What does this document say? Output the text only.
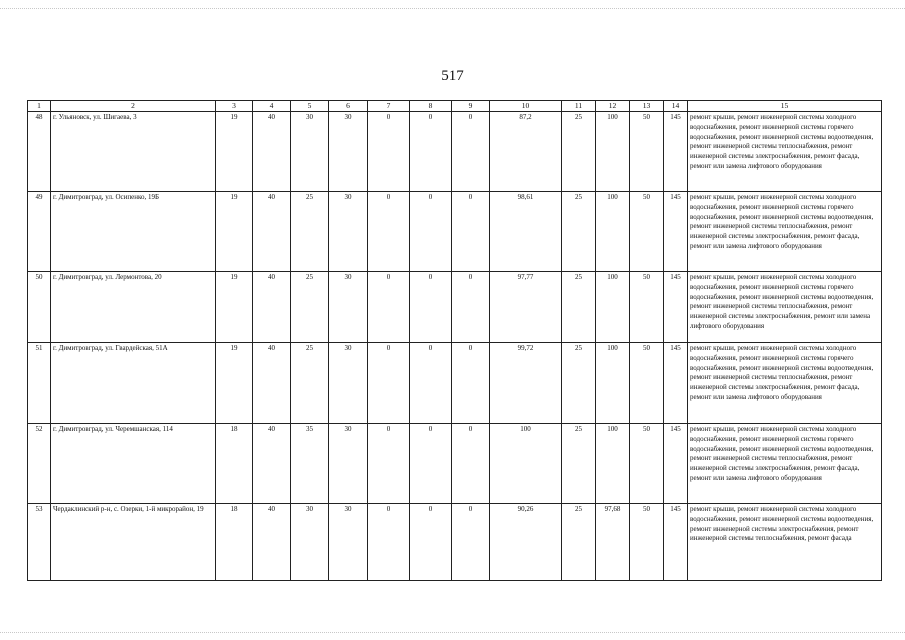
517
1	2	3	4	5	6	7	8	9	10	11	12	13	14	15
48	г. Ульяновск, ул. Шигаева, 3	19	40	30	30	0	0	0	87,2	25	100	50	145	ремонт крыши, ремонт инженерной системы холодного водоснабжения, ремонт инженерной системы горячего водоснабжения, ремонт инженерной системы водоотведения, ремонт инженерной системы теплоснабжения, ремонт инженерной системы электроснабжения, ремонт фасада, ремонт или замена лифтового оборудования
49	г. Димитровград, ул. Осипенко, 19Б	19	40	25	30	0	0	0	98,61	25	100	50	145	ремонт крыши, ремонт инженерной системы холодного водоснабжения, ремонт инженерной системы горячего водоснабжения, ремонт инженерной системы водоотведения, ремонт инженерной системы теплоснабжения, ремонт инженерной системы электроснабжения, ремонт фасада, ремонт или замена лифтового оборудования
50	г. Димитровград, ул. Лермонтова, 20	19	40	25	30	0	0	0	97,77	25	100	50	145	ремонт крыши, ремонт инженерной системы холодного водоснабжения, ремонт инженерной системы горячего водоснабжения, ремонт инженерной системы водоотведения, ремонт инженерной системы теплоснабжения, ремонт инженерной системы электроснабжения, ремонт или замена лифтового оборудования
51	г. Димитровград, ул. Гвардейская, 51А	19	40	25	30	0	0	0	99,72	25	100	50	145	ремонт крыши, ремонт инженерной системы холодного водоснабжения, ремонт инженерной системы горячего водоснабжения, ремонт инженерной системы водоотведения, ремонт инженерной системы теплоснабжения, ремонт инженерной системы электроснабжения, ремонт фасада, ремонт или замена лифтового оборудования
52	г. Димитровград, ул. Черемшанская, 114	18	40	35	30	0	0	0	100	25	100	50	145	ремонт крыши, ремонт инженерной системы холодного водоснабжения, ремонт инженерной системы горячего водоснабжения, ремонт инженерной системы водоотведения, ремонт инженерной системы теплоснабжения, ремонт инженерной системы электроснабжения, ремонт фасада, ремонт или замена лифтового оборудования
53	Чердаклинский р-н, с. Озерки, 1-й микрорайон, 19	18	40	30	30	0	0	0	90,26	25	97,68	50	145	ремонт крыши, ремонт инженерной системы холодного водоснабжения, ремонт инженерной системы водоотведения, ремонт инженерной системы электроснабжения, ремонт инженерной системы теплоснабжения, ремонт фасада
